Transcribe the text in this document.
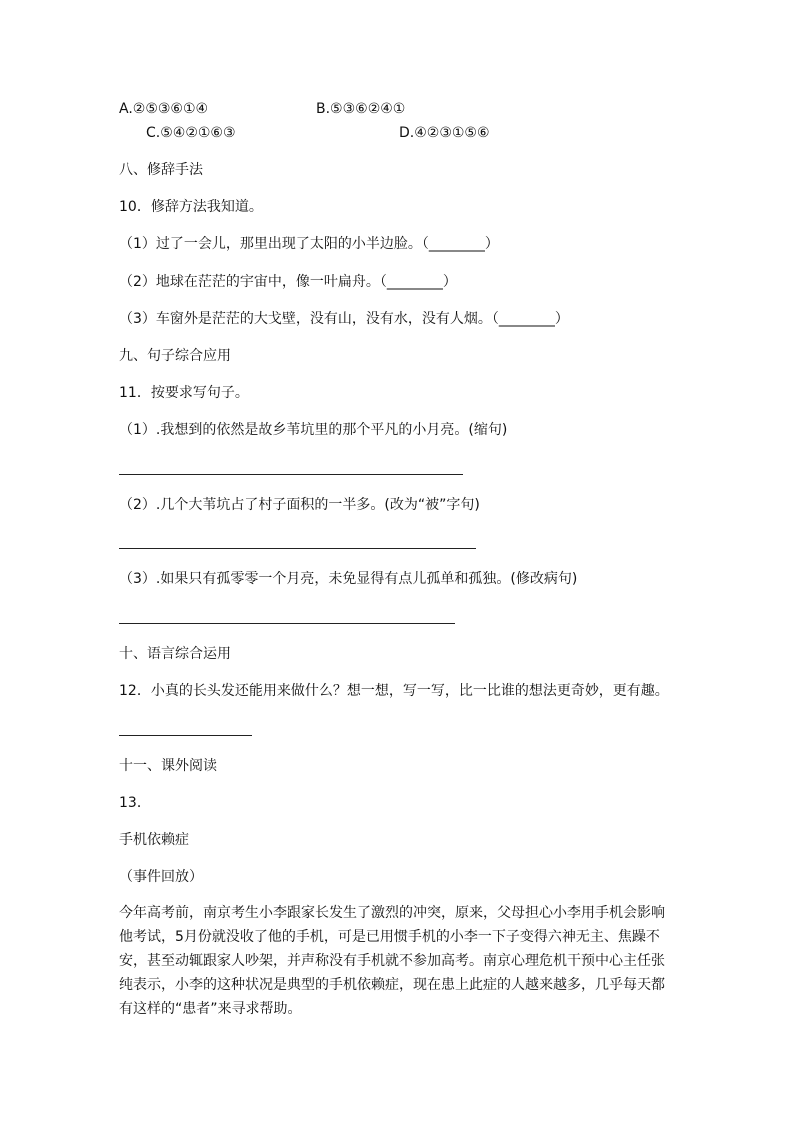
A.②⑤③⑥①④	B.⑤③⑥②④①
C.⑤④②①⑥③	D.④②③①⑤⑥
八、修辞手法
10．修辞方法我知道。
（1）过了一会儿，那里出现了太阳的小半边脸。（________）
（2）地球在茫茫的宇宙中，像一叶扁舟。（________）
（3）车窗外是茫茫的大戈壁，没有山，没有水，没有人烟。（________）
九、句子综合应用
11．按要求写句子。
（1）.我想到的依然是故乡苇坑里的那个平凡的小月亮。(缩句)
（2）.几个大苇坑占了村子面积的一半多。(改为“被”字句)
（3）.如果只有孤零零一个月亮，未免显得有点儿孤单和孤独。(修改病句)
十、语言综合运用
12．小真的长头发还能用来做什么？想一想，写一写，比一比谁的想法更奇妙，更有趣。
十一、课外阅读
13．
手机依赖症
（事件回放）
今年高考前，南京考生小李跟家长发生了激烈的冲突，原来，父母担心小李用手机会影响
他考试，5月份就没收了他的手机，可是已用惯手机的小李一下子变得六神无主、焦躁不
安，甚至动辄跟家人吵架，并声称没有手机就不参加高考。南京心理危机干预中心主任张
纯表示，小李的这种状况是典型的手机依赖症，现在患上此症的人越来越多，几乎每天都
有这样的“患者”来寻求帮助。
